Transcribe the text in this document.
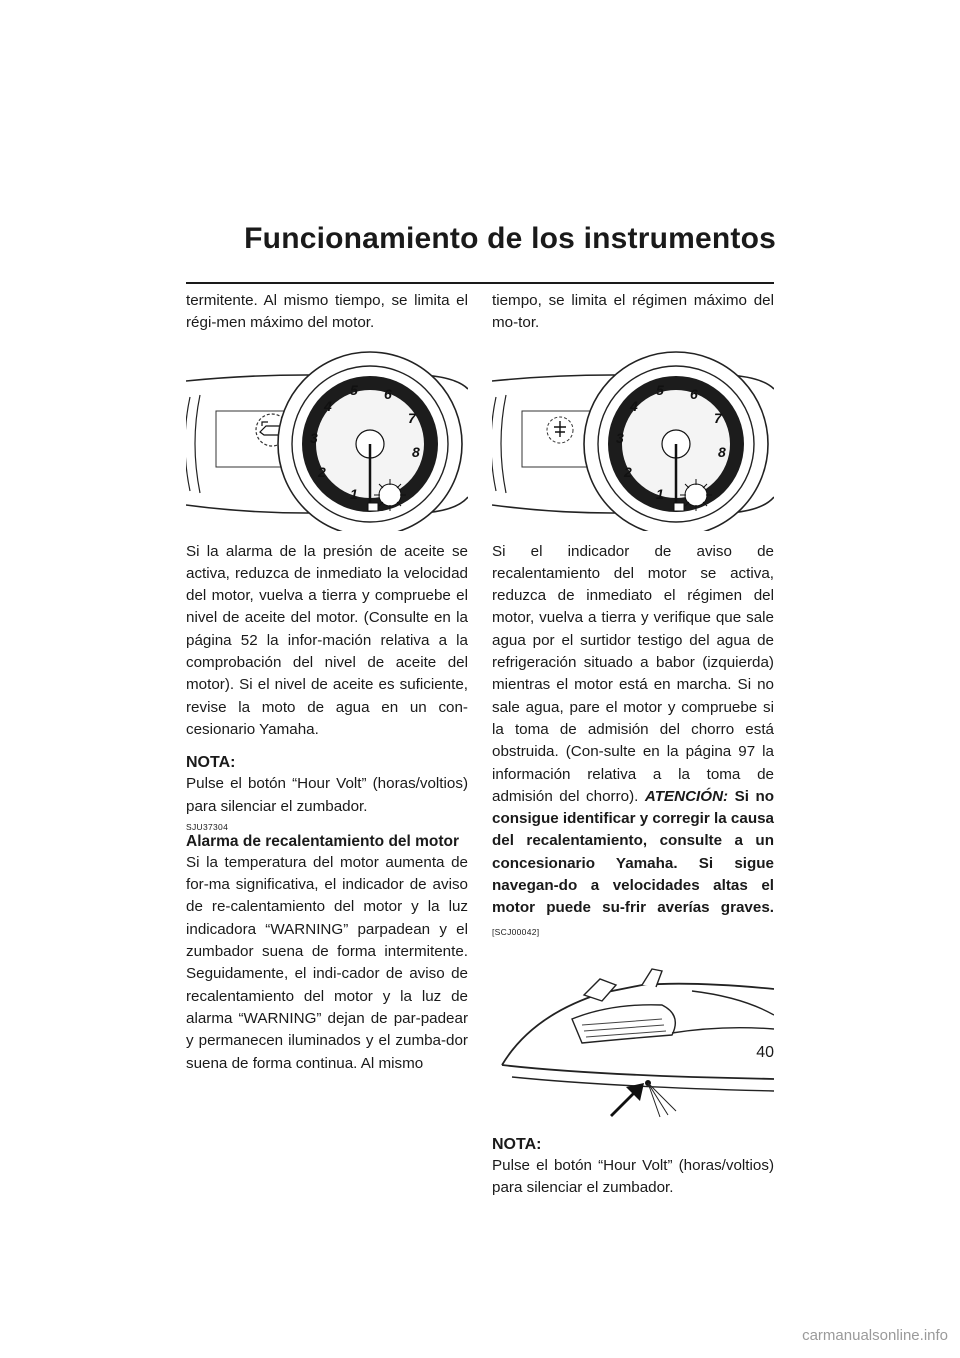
Funcionamiento de los instrumentos

termitente. Al mismo tiempo, se limita el régi-men máximo del motor.

1
2
3
4
5 6
7
8

Si la alarma de la presión de aceite se activa, reduzca de inmediato la velocidad del motor, vuelva a tierra y compruebe el nivel de aceite del motor. (Consulte en la página 52 la infor-mación relativa a la comprobación del nivel de aceite del motor). Si el nivel de aceite es suficiente, revise la moto de agua en un con-cesionario Yamaha.

NOTA:

Pulse el botón “Hour Volt” (horas/voltios) para silenciar el zumbador.

SJU37304
Alarma de recalentamiento del motor

Si la temperatura del motor aumenta de for-ma significativa, el indicador de aviso de re-calentamiento del motor y la luz indicadora “WARNING” parpadean y el zumbador suena de forma intermitente. Seguidamente, el indi-cador de aviso de recalentamiento del motor y la luz de alarma “WARNING” dejan de par-padear y permanecen iluminados y el zumba-dor suena de forma continua. Al mismo

tiempo, se limita el régimen máximo del mo-tor.

1
2
3
4
5 6
7
8

Si el indicador de aviso de recalentamiento del motor se activa, reduzca de inmediato el régimen del motor, vuelva a tierra y verifique que sale agua por el surtidor testigo del agua de refrigeración situado a babor (izquierda) mientras el motor está en marcha. Si no sale agua, pare el motor y compruebe si la toma de admisión del chorro está obstruida. (Con-sulte en la página 97 la información relativa a la toma de admisión del chorro). ATENCIÓN: Si no consigue identificar y corregir la causa del recalentamiento, consulte a un concesionario Yamaha. Si sigue navegan-do a velocidades altas el motor puede su-frir averías graves. [SCJ00042]

NOTA:

Pulse el botón “Hour Volt” (horas/voltios) para silenciar el zumbador.

40
carmanualsonline.info
